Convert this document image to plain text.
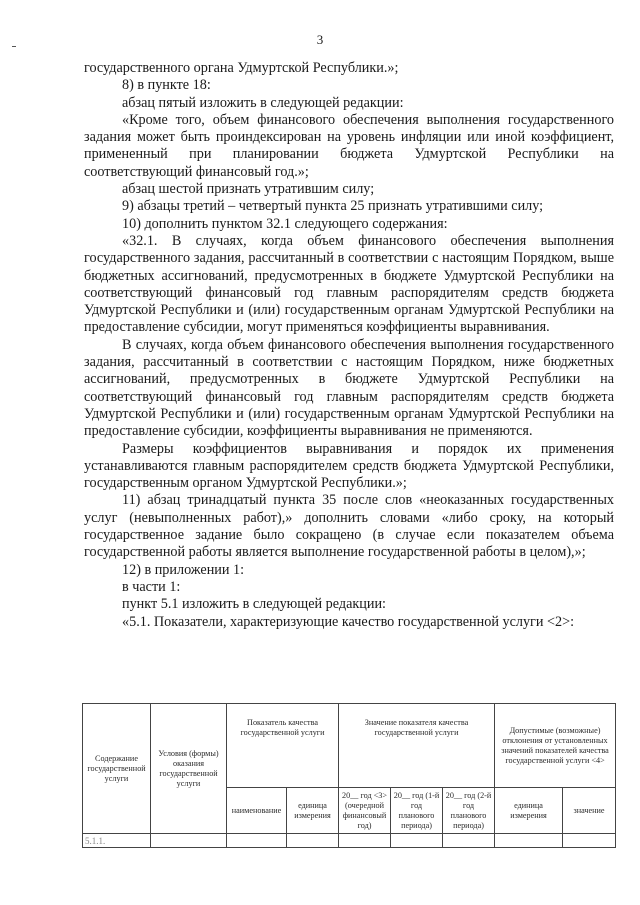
3

государственного органа Удмуртской Республики.»;

8) в пункте 18:

абзац пятый изложить в следующей редакции:

«Кроме того, объем финансового обеспечения выполнения государственного задания может быть проиндексирован на уровень инфляции или иной коэффициент, примененный при планировании бюджета Удмуртской Республики на соответствующий финансовый год.»;

абзац шестой признать утратившим силу;

9) абзацы третий – четвертый пункта 25 признать утратившими силу;

10) дополнить пунктом 32.1 следующего содержания:

«32.1. В случаях, когда объем финансового обеспечения выполнения государственного задания, рассчитанный в соответствии с настоящим Порядком, выше бюджетных ассигнований, предусмотренных в бюджете Удмуртской Республики на соответствующий финансовый год главным распорядителям средств бюджета Удмуртской Республики и (или) государственным органам Удмуртской Республики на предоставление субсидии, могут применяться коэффициенты выравнивания.

В случаях, когда объем финансового обеспечения выполнения государственного задания, рассчитанный в соответствии с настоящим Порядком, ниже бюджетных ассигнований, предусмотренных в бюджете Удмуртской Республики на соответствующий финансовый год главным распорядителям средств бюджета Удмуртской Республики и (или) государственным органам Удмуртской Республики на предоставление субсидии, коэффициенты выравнивания не применяются.

Размеры коэффициентов выравнивания и порядок их применения устанавливаются главным распорядителем средств бюджета Удмуртской Республики, государственным органом Удмуртской Республики.»;

11) абзац тринадцатый пункта 35 после слов «неоказанных государственных услуг (невыполненных работ),» дополнить словами «либо сроку, на который государственное задание было сокращено (в случае если показателем объема государственной работы является выполнение государственной работы в целом),»;

12) в приложении 1:

в части 1:

пункт 5.1 изложить в следующей редакции:

«5.1. Показатели, характеризующие качество государственной услуги <2>:

Содержание государственной услуги	Условия (формы) оказания государственной услуги	Показатель качества государственной услуги		Значение показателя качества государственной услуги			Допустимые (возможные) отклонения от установленных значений показателей качества государственной услуги <4>	
		наименование	единица измерения	20__ год <3> (очередной финансовый год)	20__ год (1-й год планового периода)	20__ год (2-й год планового периода)	единица измерения	значение
5.1.1.								
